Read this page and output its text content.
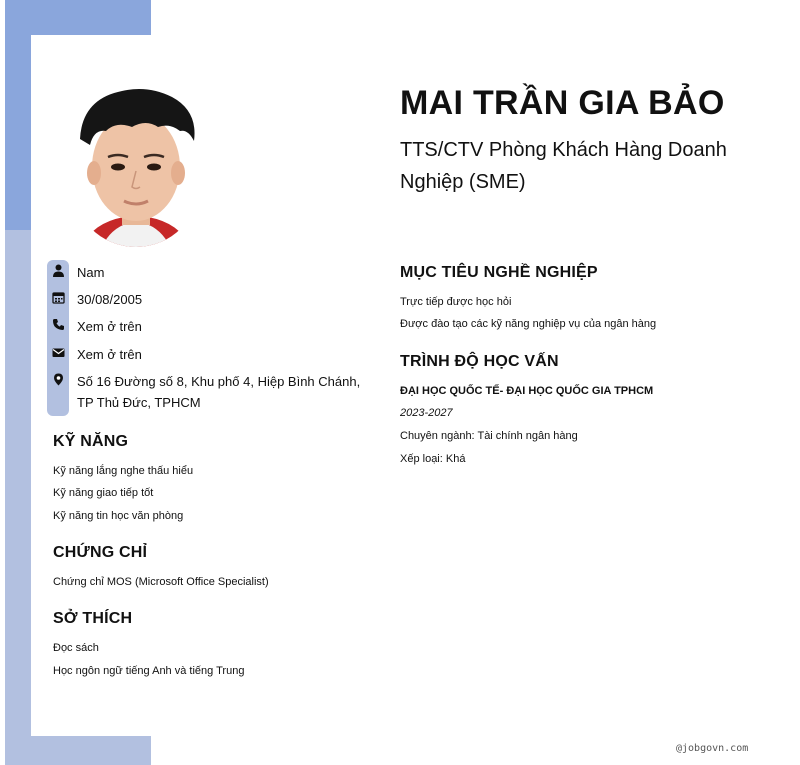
Nam
30/08/2005
Xem ở trên
Xem ở trên
Số 16 Đường số 8, Khu phố 4, Hiệp Bình Chánh, TP Thủ Đức, TPHCM
KỸ NĂNG
Kỹ năng lắng nghe thấu hiểu
Kỹ năng giao tiếp tốt
Kỹ năng tin học văn phòng
CHỨNG CHỈ
Chứng chỉ MOS (Microsoft Office Specialist)
SỞ THÍCH
Đọc sách
Học ngôn ngữ tiếng Anh và tiếng Trung
MAI TRẦN GIA BẢO
TTS/CTV Phòng Khách Hàng Doanh Nghiệp (SME)
MỤC TIÊU NGHỀ NGHIỆP
Trực tiếp được học hỏi
Được đào tạo các kỹ năng nghiệp vụ của ngân hàng
TRÌNH ĐỘ HỌC VẤN
ĐẠI HỌC QUỐC TẾ- ĐẠI HỌC QUỐC GIA TPHCM
2023-2027
Chuyên ngành: Tài chính ngân hàng
Xếp loại: Khá
@jobgovn.com
